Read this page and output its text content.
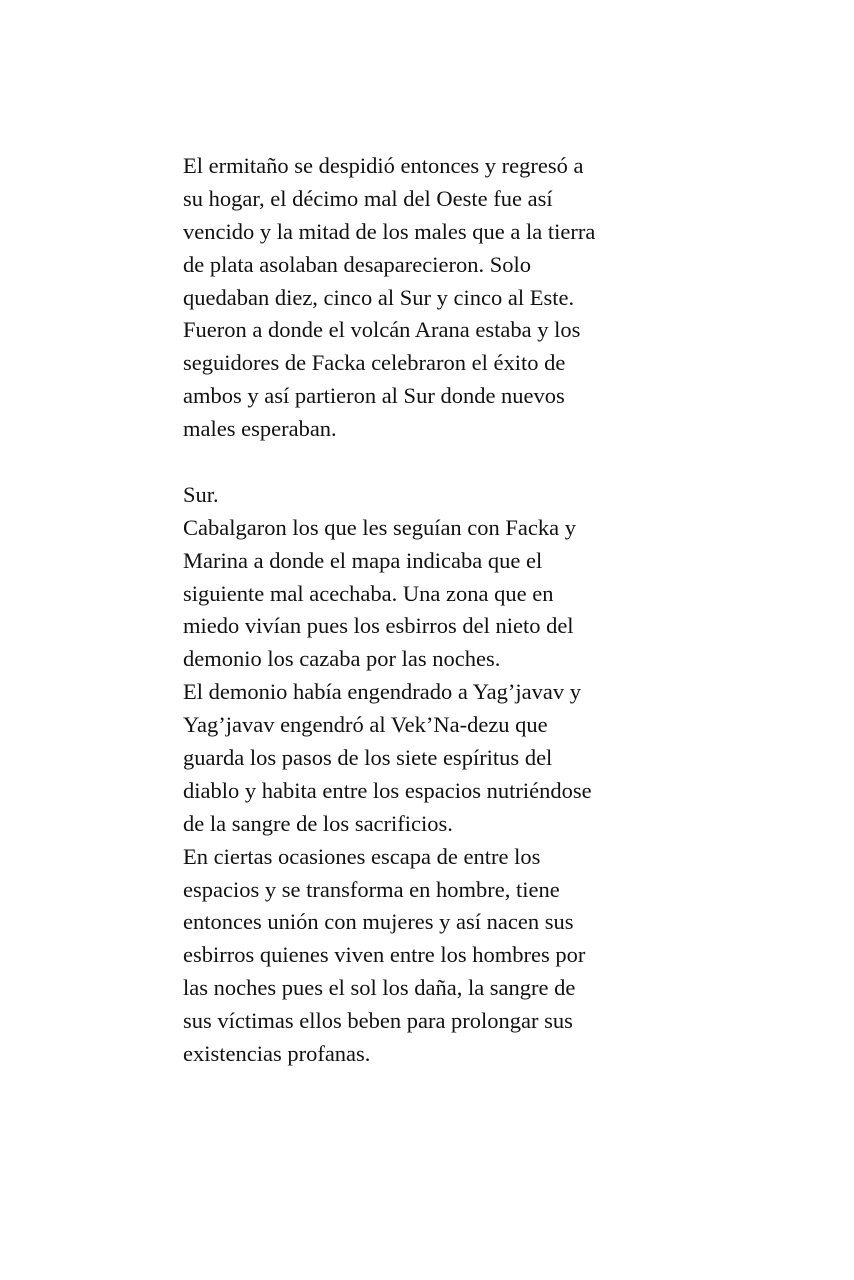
El ermitaño se despidió entonces y regresó a
su hogar, el décimo mal del Oeste fue así
vencido y la mitad de los males que a la tierra
de plata asolaban desaparecieron. Solo
quedaban diez, cinco al Sur y cinco al Este.
Fueron a donde el volcán Arana estaba y los
seguidores de Facka celebraron el éxito de
ambos y así partieron al Sur donde nuevos
males esperaban.
Sur.
Cabalgaron los que les seguían con Facka y
Marina a donde el mapa indicaba que el
siguiente mal acechaba. Una zona que en
miedo vivían pues los esbirros del nieto del
demonio los cazaba por las noches.
El demonio había engendrado a Yag’javav y
Yag’javav engendró al Vek’Na-dezu que
guarda los pasos de los siete espíritus del
diablo y habita entre los espacios nutriéndose
de la sangre de los sacrificios.
En ciertas ocasiones escapa de entre los
espacios y se transforma en hombre, tiene
entonces unión con mujeres y así nacen sus
esbirros quienes viven entre los hombres por
las noches pues el sol los daña, la sangre de
sus víctimas ellos beben para prolongar sus
existencias profanas.
